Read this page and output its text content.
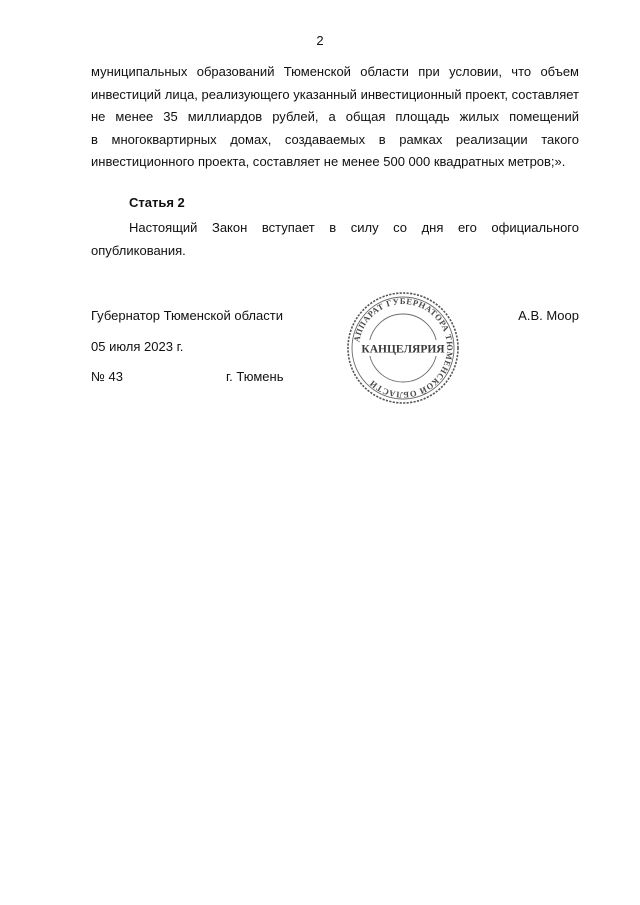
2
муниципальных образований Тюменской области при условии, что объем
инвестиций лица, реализующего указанный инвестиционный проект, составляет
не менее 35 миллиардов рублей, а общая площадь жилых помещений
в многоквартирных домах, создаваемых в рамках реализации такого
инвестиционного проекта, составляет не менее 500 000 квадратных метров;».
Статья 2
Настоящий Закон вступает в силу со дня его официального
опубликования.
Губернатор Тюменской области	А.В. Моор
05 июля 2023 г.
№ 43	г. Тюмень
АППАРАТ ГУБЕРНАТОРА ТЮМЕНСКОЙ ОБЛАСТИ
КАНЦЕЛЯРИЯ
